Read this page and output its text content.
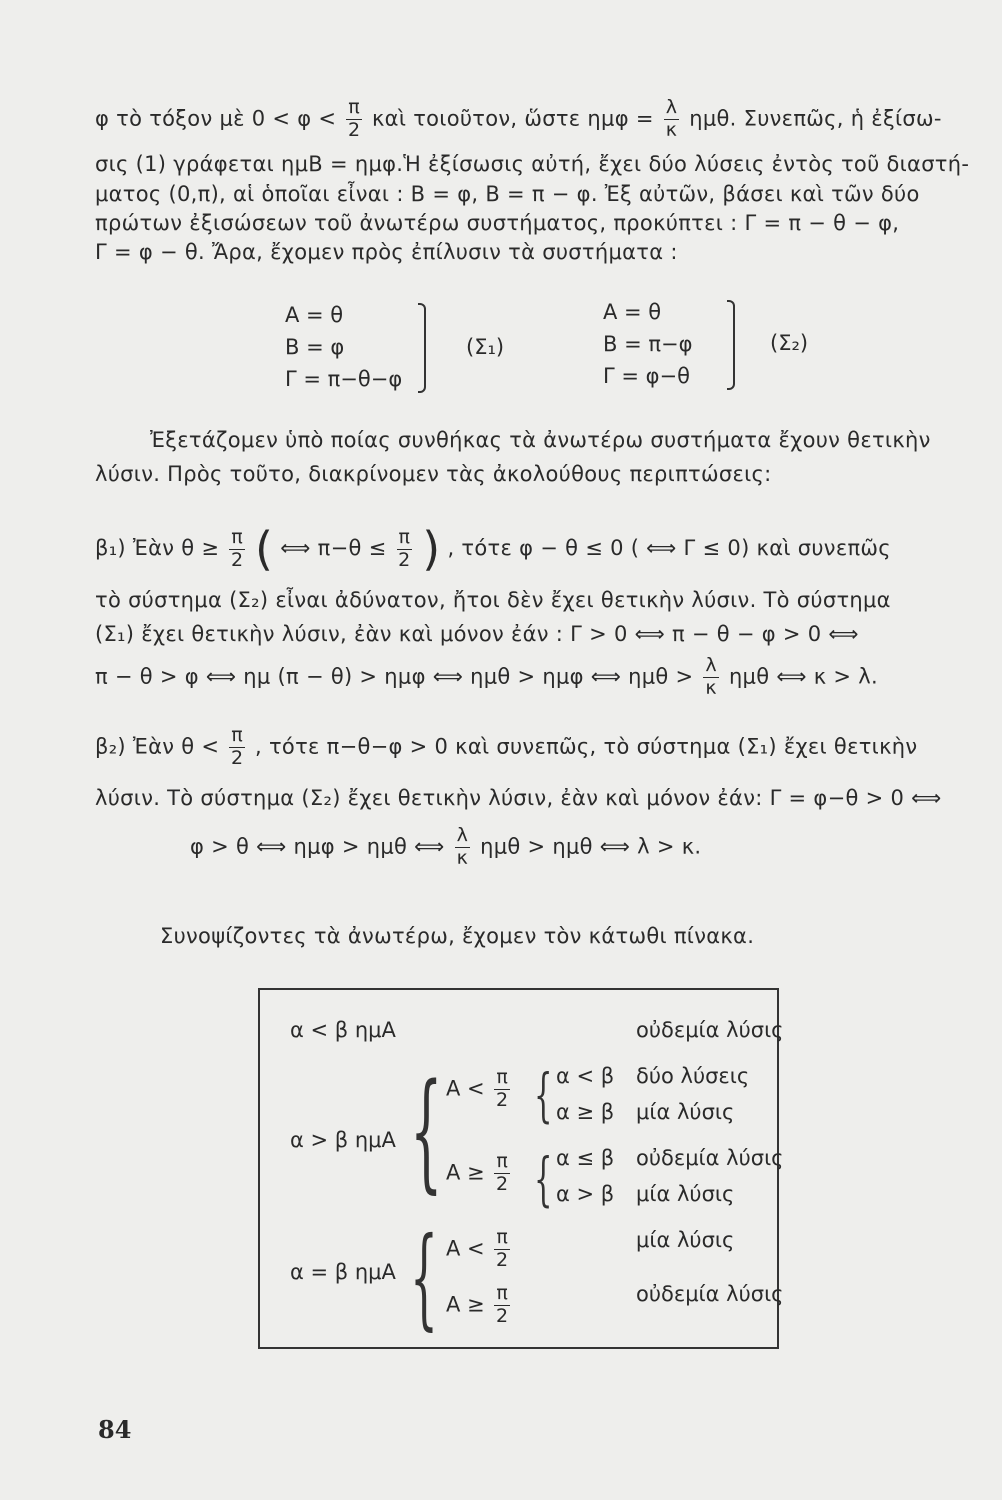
φ τὸ τόξον μὲ $0 < \varphi < \frac{\pi}{2}$ καὶ τοιοῦτον, ὥστε $\eta\mu\varphi = \frac{\lambda}{\kappa} \eta\mu\theta$. Συνεπῶς, ἡ ἐξίσω-
σις (1) γράφεται ημΒ = ημφ.Ἡ ἐξίσωσις αὐτή, ἔχει δύο λύσεις ἐντὸς τοῦ διαστή-
ματος (0,π), αἱ ὁποῖαι εἶναι : Β = φ, Β = π − φ. Ἐξ αὐτῶν, βάσει καὶ τῶν δύο
πρώτων ἐξισώσεων τοῦ ἀνωτέρω συστήματος, προκύπτει : Γ = π − θ − φ,
Γ = φ − θ. Ἄρα, ἔχομεν πρὸς ἐπίλυσιν τὰ συστήματα :
Α = θ
Β = φ
Γ = π−θ−φ
(Σ₁)
Α = θ
Β = π−φ
Γ = φ−θ
(Σ₂)
Ἐξετάζομεν ὑπὸ ποίας συνθήκας τὰ ἀνωτέρω συστήματα ἔχουν θετικὴν
λύσιν. Πρὸς τοῦτο, διακρίνομεν τὰς ἀκολούθους περιπτώσεις:
β₁) Ἐὰν $\theta \ge \frac{\pi}{2}$ ( ⟺ $\pi-\theta \le \frac{\pi}{2}$ ) , τότε φ − θ ≤ 0 ( ⟺ Γ ≤ 0) καὶ συνεπῶς
τὸ σύστημα (Σ₂) εἶναι ἀδύνατον, ἤτοι δὲν ἔχει θετικὴν λύσιν. Τὸ σύστημα
(Σ₁) ἔχει θετικὴν λύσιν, ἐὰν καὶ μόνον ἐάν : Γ > 0 ⟺ π − θ − φ > 0 ⟺
π − θ > φ ⟺ ημ (π − θ) > ημφ ⟺ ημθ > ημφ ⟺ $\eta\mu\theta > \frac{\lambda}{\kappa}$ ημθ ⟺ κ > λ.
β₂) Ἐὰν $\theta < \frac{\pi}{2}$ , τότε π−θ−φ > 0 καὶ συνεπῶς, τὸ σύστημα (Σ₁) ἔχει θετικὴν
λύσιν. Τὸ σύστημα (Σ₂) ἔχει θετικὴν λύσιν, ἐὰν καὶ μόνον ἐάν: Γ = φ−θ > 0 ⟺
φ > θ ⟺ ημφ > ημθ ⟺ $\frac{\lambda}{\kappa}$ ημθ > ημθ ⟺ λ > κ.
Συνοψίζοντες τὰ ἀνωτέρω, ἔχομεν τὸν κάτωθι πίνακα.
α < β ημΑ	οὐδεμία λύσις
α > β ημΑ { $A < \frac{\pi}{2}$ { α < β δύο λύσεις
α ≥ β μία λύσις
$A \ge \frac{\pi}{2}$ { α ≤ β οὐδεμία λύσις
α > β μία λύσις
α = β ημΑ { $A < \frac{\pi}{2}$	μία λύσις
$A \ge \frac{\pi}{2}$	οὐδεμία λύσις
84
